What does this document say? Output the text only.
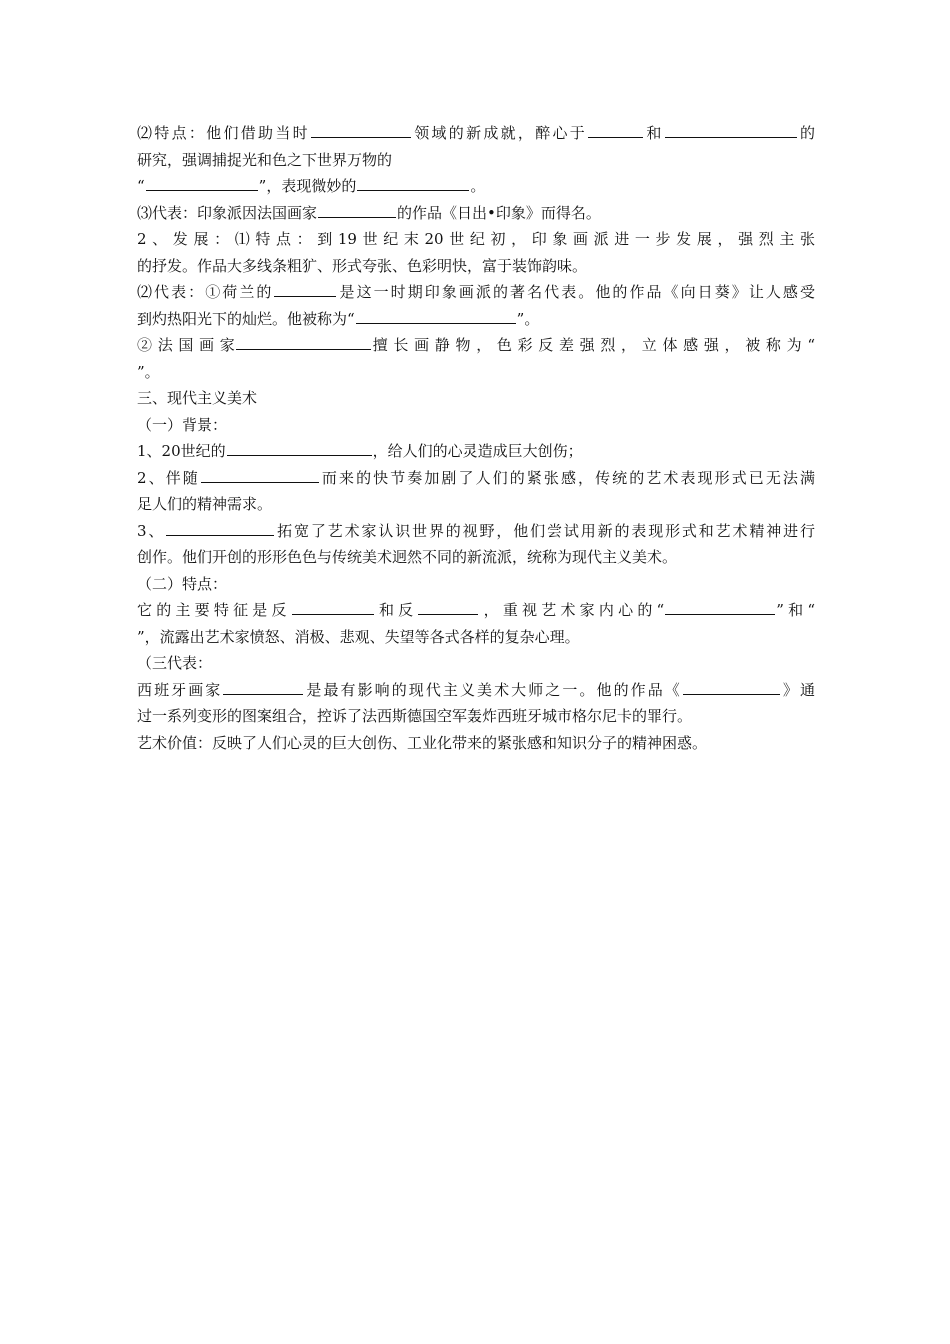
⑵特点：他们借助当时	领域的新成就，醉心于	和	的
研究，强调捕捉光和色之下世界万物的
“	”，表现微妙的	。
⑶代表：印象派因法国画家	的作品《日出•印象》而得名。
2、发展：⑴特点：到19世纪末20世纪初，印象画派进一步发展，强烈主张
的抒发。作品大多线条粗犷、形式夸张、色彩明快，富于装饰韵味。
⑵代表：①荷兰的	是这一时期印象画派的著名代表。他的作品《向日葵》让人感受
到灼热阳光下的灿烂。他被称为“	”。
② 法 国 画 家	擅 长 画 静 物 ， 色 彩 反 差 强 烈 ， 立 体 感 强 ， 被 称 为 “
”。
三、现代主义美术
（一）背景：
1、20世纪的	，给人们的心灵造成巨大创伤；
2、伴随	而来的快节奏加剧了人们的紧张感，传统的艺术表现形式已无法满
足人们的精神需求。
3、	拓宽了艺术家认识世界的视野，他们尝试用新的表现形式和艺术精神进行
创作。他们开创的形形色色与传统美术迥然不同的新流派，统称为现代主义美术。
（二）特点：
它的主要特征是反	和反	，重视艺术家内心的“	”和“
”，流露出艺术家愤怒、消极、悲观、失望等各式各样的复杂心理。
（三代表：
西班牙画家	是最有影响的现代主义美术大师之一。他的作品《	》通
过一系列变形的图案组合，控诉了法西斯德国空军轰炸西班牙城市格尔尼卡的罪行。
艺术价值：反映了人们心灵的巨大创伤、工业化带来的紧张感和知识分子的精神困惑。
